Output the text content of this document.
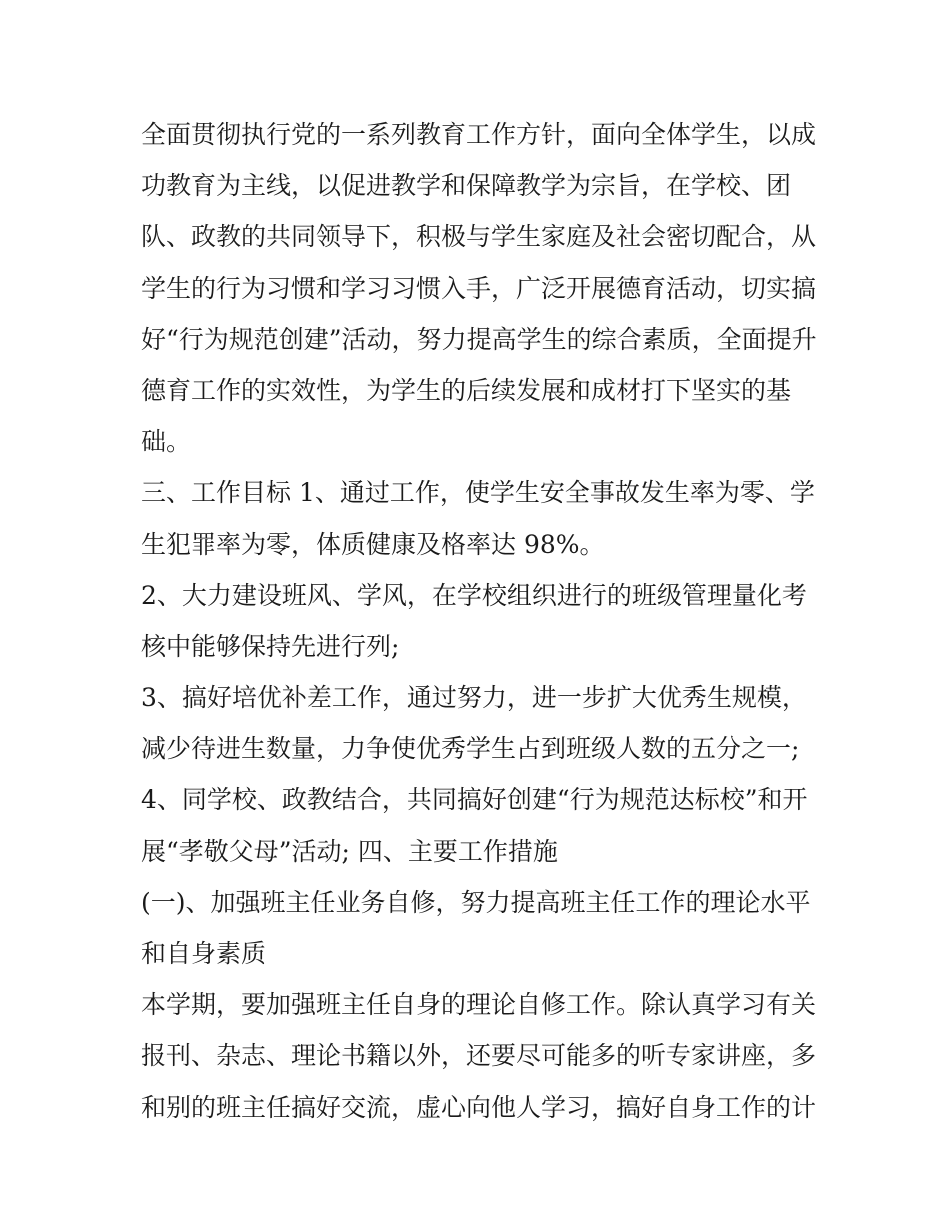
全面贯彻执行党的一系列教育工作方针，面向全体学生，以成
功教育为主线，以促进教学和保障教学为宗旨，在学校、团
队、政教的共同领导下，积极与学生家庭及社会密切配合，从
学生的行为习惯和学习习惯入手，广泛开展德育活动，切实搞
好“行为规范创建”活动，努力提高学生的综合素质，全面提升
德育工作的实效性，为学生的后续发展和成材打下坚实的基
础。
三、工作目标 1、通过工作，使学生安全事故发生率为零、学
生犯罪率为零，体质健康及格率达 98%。
2、大力建设班风、学风，在学校组织进行的班级管理量化考
核中能够保持先进行列;
3、搞好培优补差工作，通过努力，进一步扩大优秀生规模，
减少待进生数量，力争使优秀学生占到班级人数的五分之一;
4、同学校、政教结合，共同搞好创建“行为规范达标校”和开
展“孝敬父母”活动; 四、主要工作措施
(一)、加强班主任业务自修，努力提高班主任工作的理论水平
和自身素质
本学期，要加强班主任自身的理论自修工作。除认真学习有关
报刊、杂志、理论书籍以外，还要尽可能多的听专家讲座，多
和别的班主任搞好交流，虚心向他人学习，搞好自身工作的计
